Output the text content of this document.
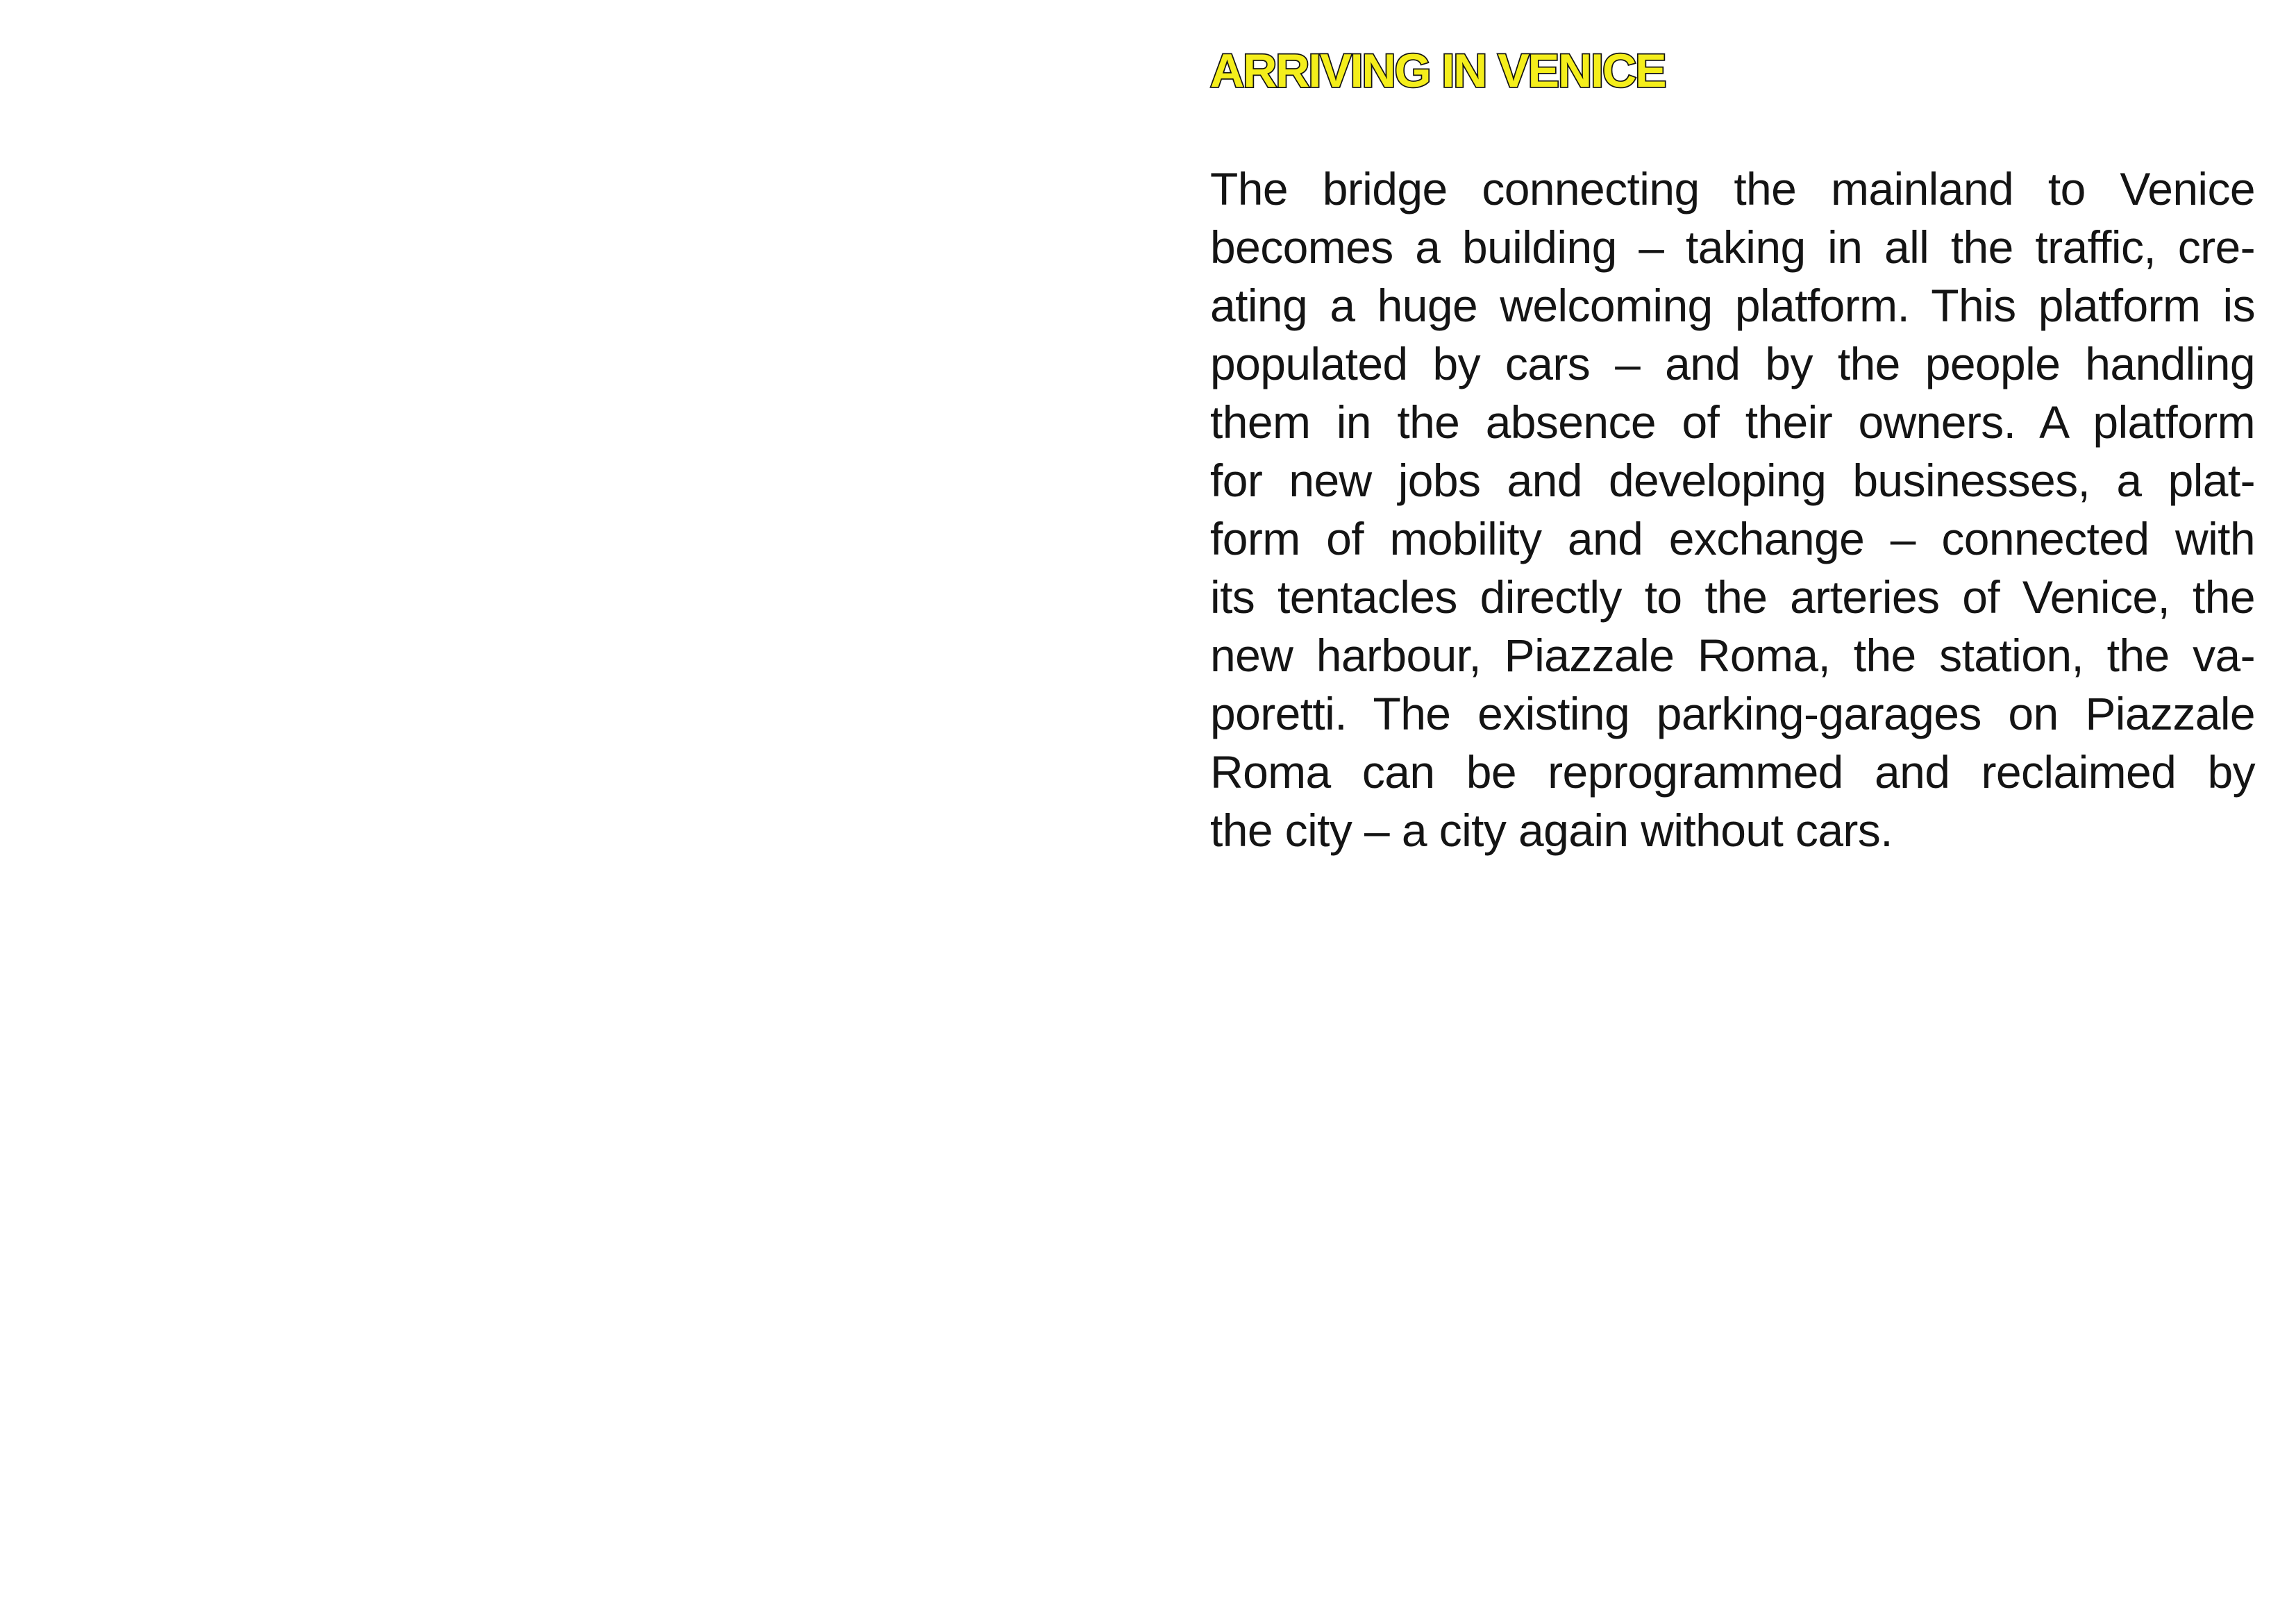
ARRIVING IN VENICE
The bridge connecting the mainland to Venice
becomes a building – taking in all the traffic, cre-
ating a huge welcoming platform. This platform is
populated by cars – and by the people handling
them in the absence of their owners. A platform
for new jobs and developing businesses, a plat-
form of mobility and exchange – connected with
its tentacles directly to the arteries of Venice, the
new harbour, Piazzale Roma, the station, the va-
poretti. The existing parking-garages on Piazzale
Roma can be reprogrammed and reclaimed by
the city – a city again without cars.
